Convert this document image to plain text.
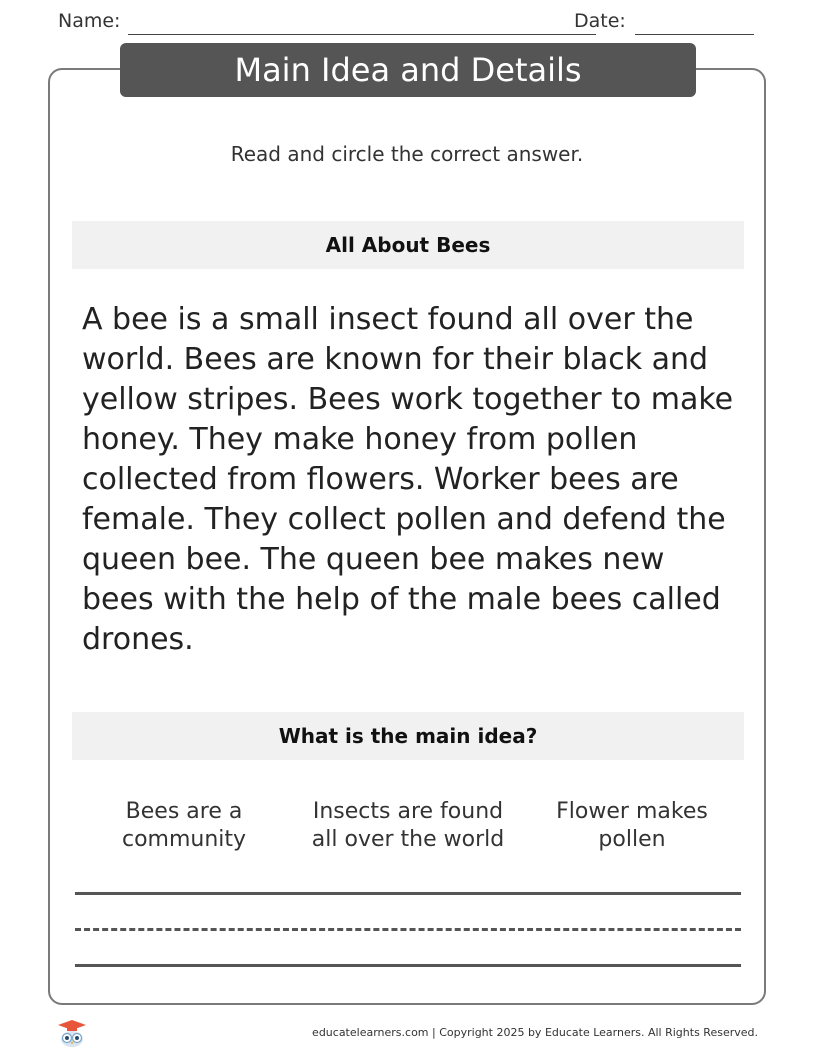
Name:	Date:
Main Idea and Details
Read and circle the correct answer.
All About Bees

A bee is a small insect found all over the world. Bees are known for their black and yellow stripes. Bees work together to make honey. They make honey from pollen collected from flowers. Worker bees are female. They collect pollen and defend the queen bee. The queen bee makes new bees with the help of the male bees called drones.

What is the main idea?
Bees are a
community
Insects are found
all over the world
Flower makes
pollen
educatelearners.com | Copyright 2025 by Educate Learners. All Rights Reserved.
